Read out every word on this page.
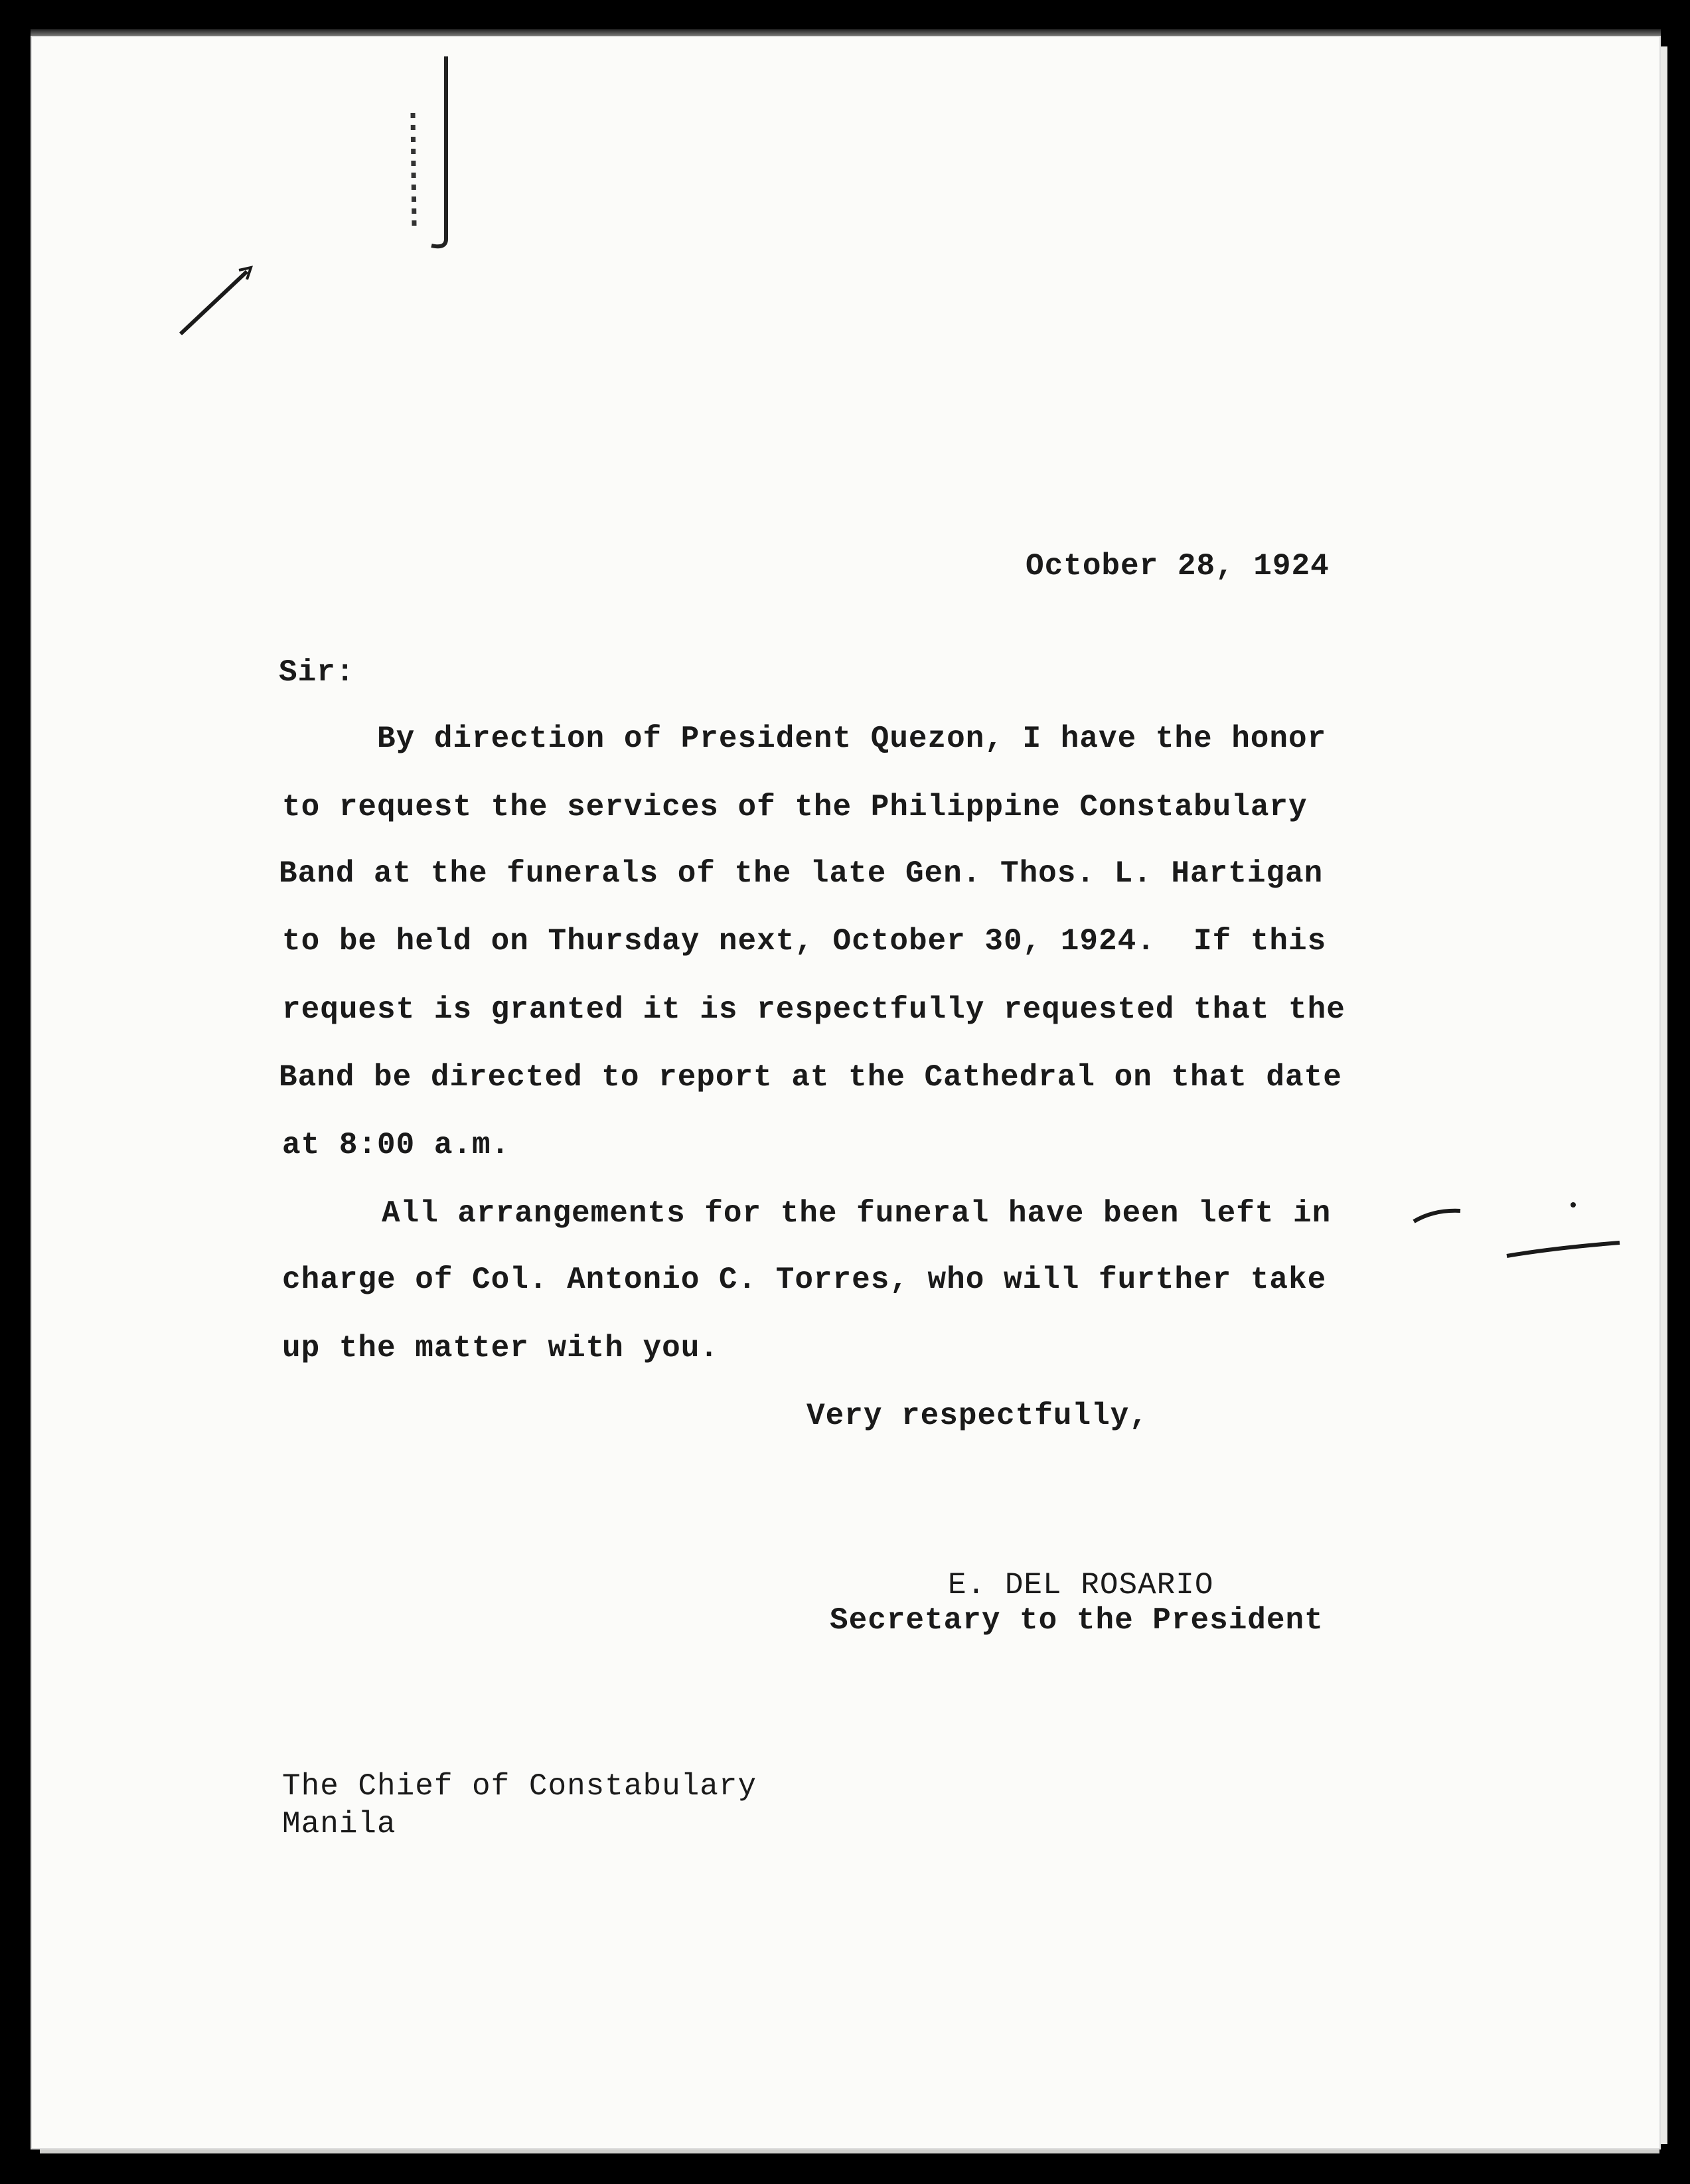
October 28, 1924
Sir:
By direction of President Quezon, I have the honor
to request the services of the Philippine Constabulary
Band at the funerals of the late Gen. Thos. L. Hartigan
to be held on Thursday next, October 30, 1924.  If this
request is granted it is respectfully requested that the
Band be directed to report at the Cathedral on that date
at 8:00 a.m.
All arrangements for the funeral have been left in
charge of Col. Antonio C. Torres, who will further take
up the matter with you.
Very respectfully,
E. DEL ROSARIO
Secretary to the President
The Chief of Constabulary
Manila
